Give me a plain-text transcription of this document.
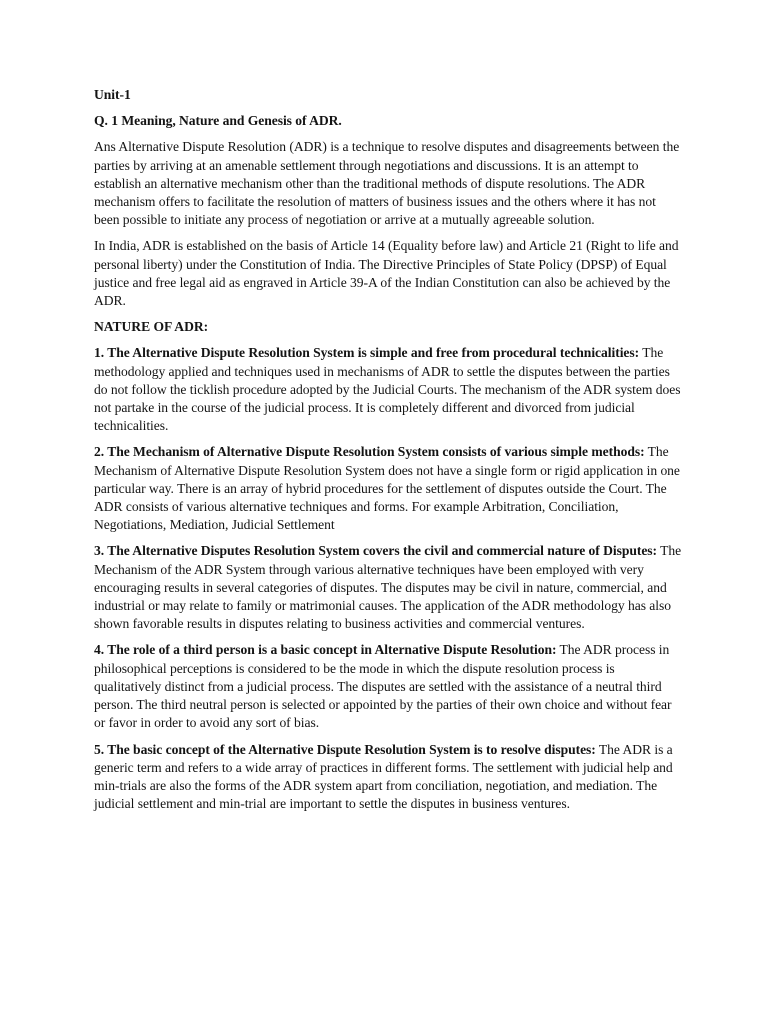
Unit-1
Q. 1 Meaning, Nature and Genesis of ADR.

Ans Alternative Dispute Resolution (ADR) is a technique to resolve disputes and disagreements between the parties by arriving at an amenable settlement through negotiations and discussions. It is an attempt to establish an alternative mechanism other than the traditional methods of dispute resolutions. The ADR mechanism offers to facilitate the resolution of matters of business issues and the others where it has not been possible to initiate any process of negotiation or arrive at a mutually agreeable solution.

In India, ADR is established on the basis of Article 14 (Equality before law) and Article 21 (Right to life and personal liberty) under the Constitution of India. The Directive Principles of State Policy (DPSP) of Equal justice and free legal aid as engraved in Article 39-A of the Indian Constitution can also be achieved by the ADR.

NATURE OF ADR:

1. The Alternative Dispute Resolution System is simple and free from procedural technicalities: The methodology applied and techniques used in mechanisms of ADR to settle the disputes between the parties do not follow the ticklish procedure adopted by the Judicial Courts. The mechanism of the ADR system does not partake in the course of the judicial process. It is completely different and divorced from judicial technicalities.

2. The Mechanism of Alternative Dispute Resolution System consists of various simple methods: The Mechanism of Alternative Dispute Resolution System does not have a single form or rigid application in one particular way. There is an array of hybrid procedures for the settlement of disputes outside the Court. The ADR consists of various alternative techniques and forms. For example Arbitration, Conciliation, Negotiations, Mediation, Judicial Settlement

3. The Alternative Disputes Resolution System covers the civil and commercial nature of Disputes: The Mechanism of the ADR System through various alternative techniques have been employed with very encouraging results in several categories of disputes. The disputes may be civil in nature, commercial, and industrial or may relate to family or matrimonial causes. The application of the ADR methodology has also shown favorable results in disputes relating to business activities and commercial ventures.

4. The role of a third person is a basic concept in Alternative Dispute Resolution: The ADR process in philosophical perceptions is considered to be the mode in which the dispute resolution process is qualitatively distinct from a judicial process. The disputes are settled with the assistance of a neutral third person. The third neutral person is selected or appointed by the parties of their own choice and without fear or favor in order to avoid any sort of bias.

5. The basic concept of the Alternative Dispute Resolution System is to resolve disputes: The ADR is a generic term and refers to a wide array of practices in different forms. The settlement with judicial help and min-trials are also the forms of the ADR system apart from conciliation, negotiation, and mediation. The judicial settlement and min-trial are important to settle the disputes in business ventures.
